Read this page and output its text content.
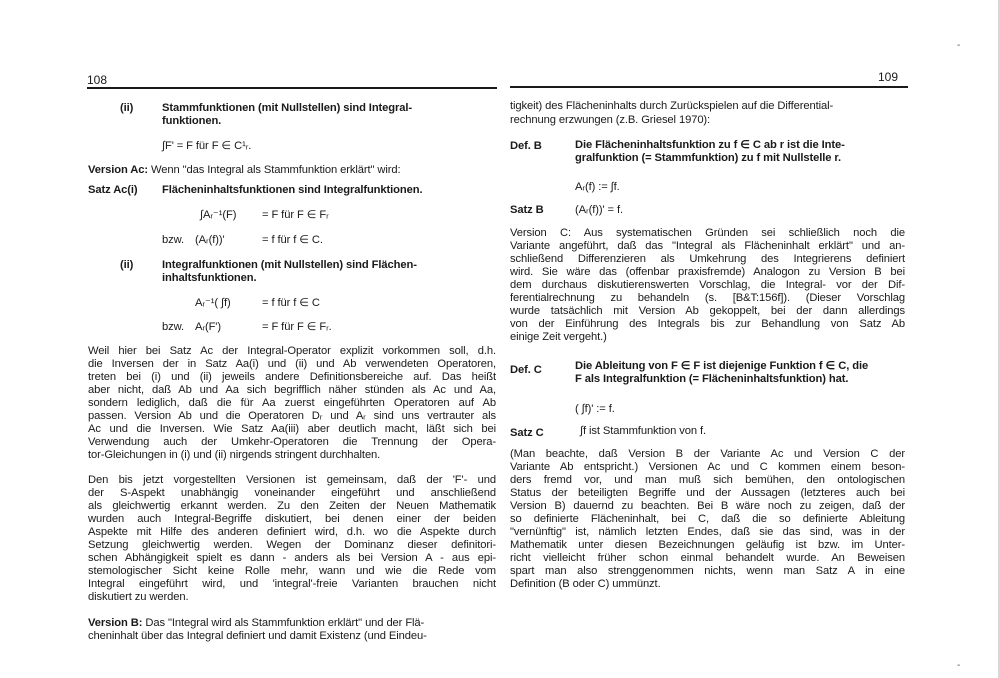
108
(ii)	Stammfunktionen (mit Nullstellen) sind Integral-
funktionen.
∫F' = F für F ∈ C¹ᵣ.
Version Ac: Wenn "das Integral als Stammfunktion erklärt" wird:
Satz Ac(i) Flächeninhaltsfunktionen sind Integralfunktionen.
∫Aᵣ⁻¹(F) = F für F ∈ Fᵣ
bzw. (Aᵣ(f))'	= f für f ∈ C.
(ii)	Integralfunktionen (mit Nullstellen) sind Flächen-
inhaltsfunktionen.
Aᵣ⁻¹( ∫f)	= f für f ∈ C
bzw. Aᵣ(F')	= F für F ∈ Fᵣ.
Weil hier bei Satz Ac der Integral-Operator explizit vorkommen soll, d.h.
die Inversen der in Satz Aa(i) und (ii) und Ab verwendeten Operatoren,
treten bei (i) und (ii) jeweils andere Definitionsbereiche auf. Das heißt
aber nicht, daß Ab und Aa sich begrifflich näher stünden als Ac und Aa,
sondern lediglich, daß die für Aa zuerst eingeführten Operatoren auf Ab
passen. Version Ab und die Operatoren Dᵣ und Aᵣ sind uns vertrauter als
Ac und die Inversen. Wie Satz Aa(iii) aber deutlich macht, läßt sich bei
Verwendung auch der Umkehr-Operatoren die Trennung der Opera-
tor-Gleichungen in (i) und (ii) nirgends stringent durchhalten.
Den bis jetzt vorgestellten Versionen ist gemeinsam, daß der 'F'- und
der S-Aspekt unabhängig voneinander eingeführt und anschließend
als gleichwertig erkannt werden. Zu den Zeiten der Neuen Mathematik
wurden auch Integral-Begriffe diskutiert, bei denen einer der beiden
Aspekte mit Hilfe des anderen definiert wird, d.h. wo die Aspekte durch
Setzung gleichwertig werden. Wegen der Dominanz dieser definitori-
schen Abhängigkeit spielt es dann - anders als bei Version A - aus epi-
stemologischer Sicht keine Rolle mehr, wann und wie die Rede vom
Integral eingeführt wird, und 'integral'-freie Varianten brauchen nicht
diskutiert zu werden.
Version B: Das "Integral wird als Stammfunktion erklärt" und der Flä-
cheninhalt über das Integral definiert und damit Existenz (und Eindeu-
109
tigkeit) des Flächeninhalts durch Zurückspielen auf die Differential-
rechnung erzwungen (z.B. Griesel 1970):
Def. B	Die Flächeninhaltsfunktion zu f ∈ C ab r ist die Inte-
gralfunktion (= Stammfunktion) zu f mit Nullstelle r.
Aᵣ(f) := ∫f.
Satz B	(Aᵣ(f))' = f.
Version C: Aus systematischen Gründen sei schließlich noch die
Variante angeführt, daß das "Integral als Flächeninhalt erklärt" und an-
schließend Differenzieren als Umkehrung des Integrierens definiert
wird. Sie wäre das (offenbar praxisfremde) Analogon zu Version B bei
dem durchaus diskutierenswerten Vorschlag, die Integral- vor der Dif-
ferentialrechnung zu behandeln (s. [B&T:156f]). (Dieser Vorschlag
wurde tatsächlich mit Version Ab gekoppelt, bei der dann allerdings
von der Einführung des Integrals bis zur Behandlung von Satz Ab
einige Zeit vergeht.)
Def. C	Die Ableitung von F ∈ F ist diejenige Funktion f ∈ C, die
F als Integralfunktion (= Flächeninhaltsfunktion) hat.
( ∫f)' := f.
Satz C	∫f ist Stammfunktion von f.
(Man beachte, daß Version B der Variante Ac und Version C der
Variante Ab entspricht.) Versionen Ac und C kommen einem beson-
ders fremd vor, und man muß sich bemühen, den ontologischen
Status der beteiligten Begriffe und der Aussagen (letzteres auch bei
Version B) dauernd zu beachten. Bei B wäre noch zu zeigen, daß der
so definierte Flächeninhalt, bei C, daß die so definierte Ableitung
"vernünftig" ist, nämlich letzten Endes, daß sie das sind, was in der
Mathematik unter diesen Bezeichnungen geläufig ist bzw. im Unter-
richt vielleicht früher schon einmal behandelt wurde. An Beweisen
spart man also strenggenommen nichts, wenn man Satz A in eine
Definition (B oder C) ummünzt.
-
-
